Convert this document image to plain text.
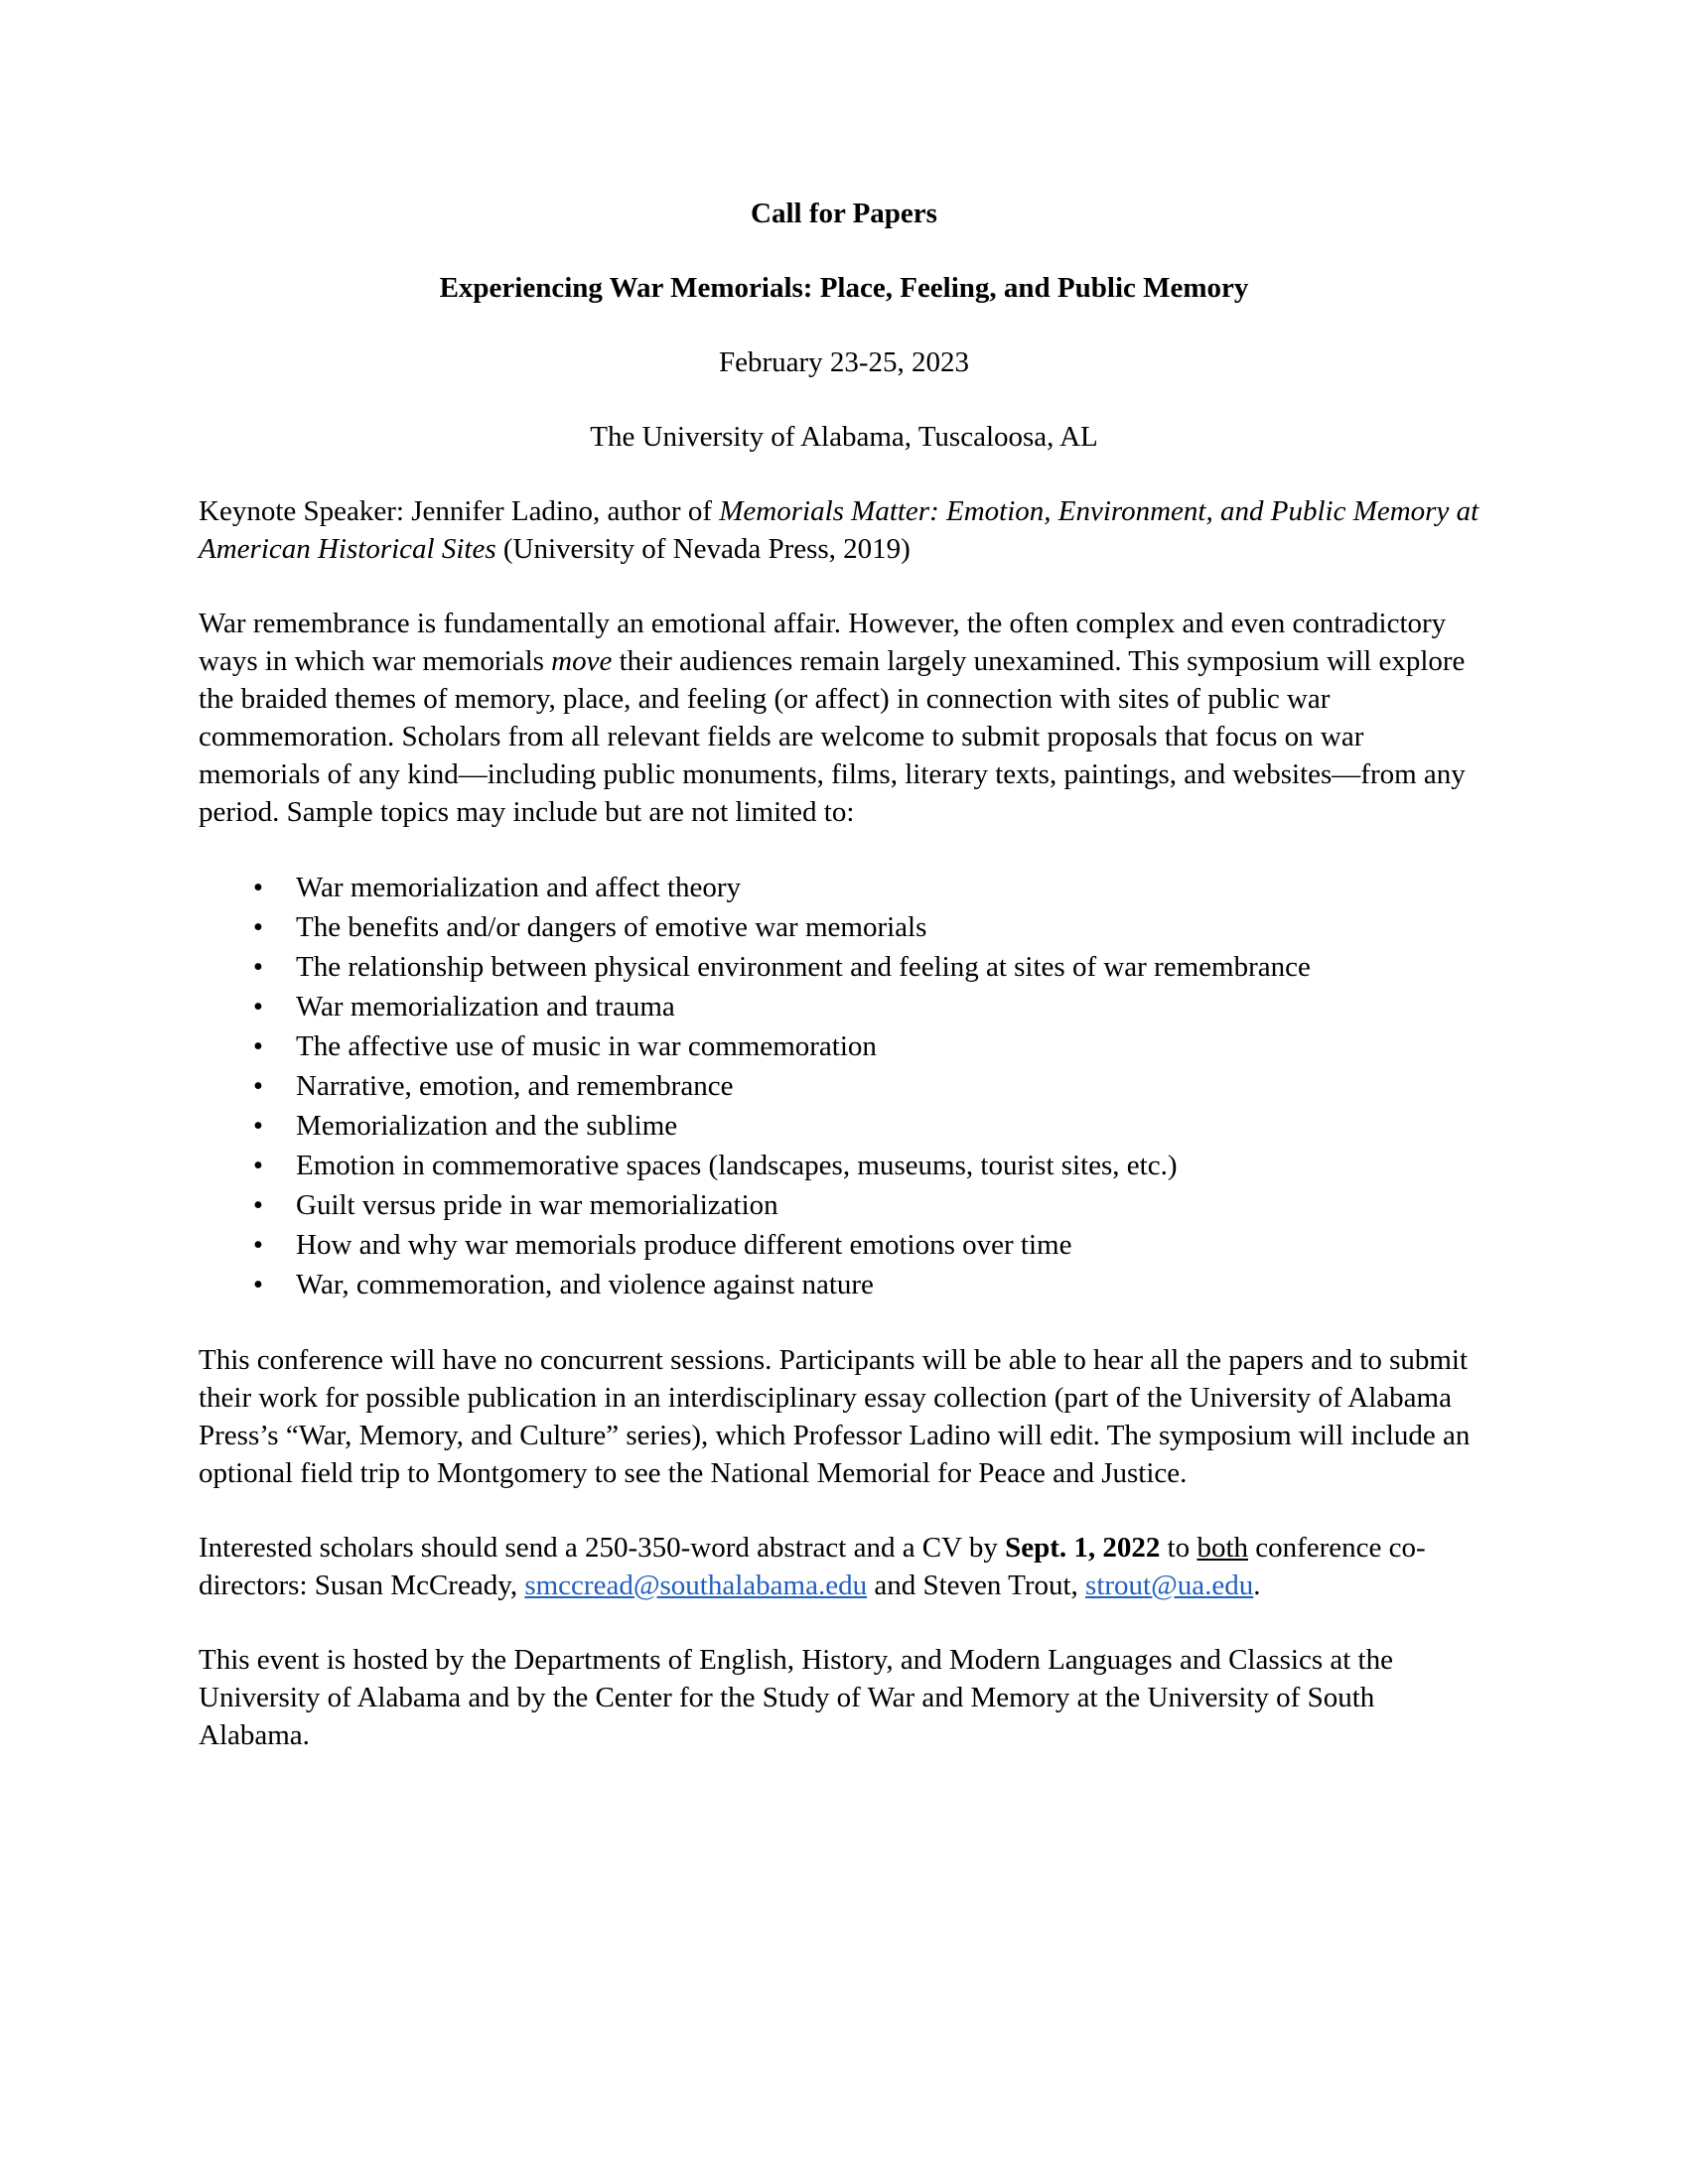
Call for Papers
Experiencing War Memorials: Place, Feeling, and Public Memory
February 23-25, 2023
The University of Alabama, Tuscaloosa, AL

Keynote Speaker: Jennifer Ladino, author of Memorials Matter: Emotion, Environment, and Public Memory at American Historical Sites (University of Nevada Press, 2019)

War remembrance is fundamentally an emotional affair. However, the often complex and even contradictory ways in which war memorials move their audiences remain largely unexamined. This symposium will explore the braided themes of memory, place, and feeling (or affect) in connection with sites of public war commemoration. Scholars from all relevant fields are welcome to submit proposals that focus on war memorials of any kind—including public monuments, films, literary texts, paintings, and websites—from any period. Sample topics may include but are not limited to:

• War memorialization and affect theory
• The benefits and/or dangers of emotive war memorials
• The relationship between physical environment and feeling at sites of war remembrance
• War memorialization and trauma
• The affective use of music in war commemoration
• Narrative, emotion, and remembrance
• Memorialization and the sublime
• Emotion in commemorative spaces (landscapes, museums, tourist sites, etc.)
• Guilt versus pride in war memorialization
• How and why war memorials produce different emotions over time
• War, commemoration, and violence against nature

This conference will have no concurrent sessions. Participants will be able to hear all the papers and to submit their work for possible publication in an interdisciplinary essay collection (part of the University of Alabama Press’s “War, Memory, and Culture” series), which Professor Ladino will edit. The symposium will include an optional field trip to Montgomery to see the National Memorial for Peace and Justice.

Interested scholars should send a 250-350-word abstract and a CV by Sept. 1, 2022 to both conference co-directors: Susan McCready, smccread@southalabama.edu and Steven Trout, strout@ua.edu.

This event is hosted by the Departments of English, History, and Modern Languages and Classics at the University of Alabama and by the Center for the Study of War and Memory at the University of South Alabama.
